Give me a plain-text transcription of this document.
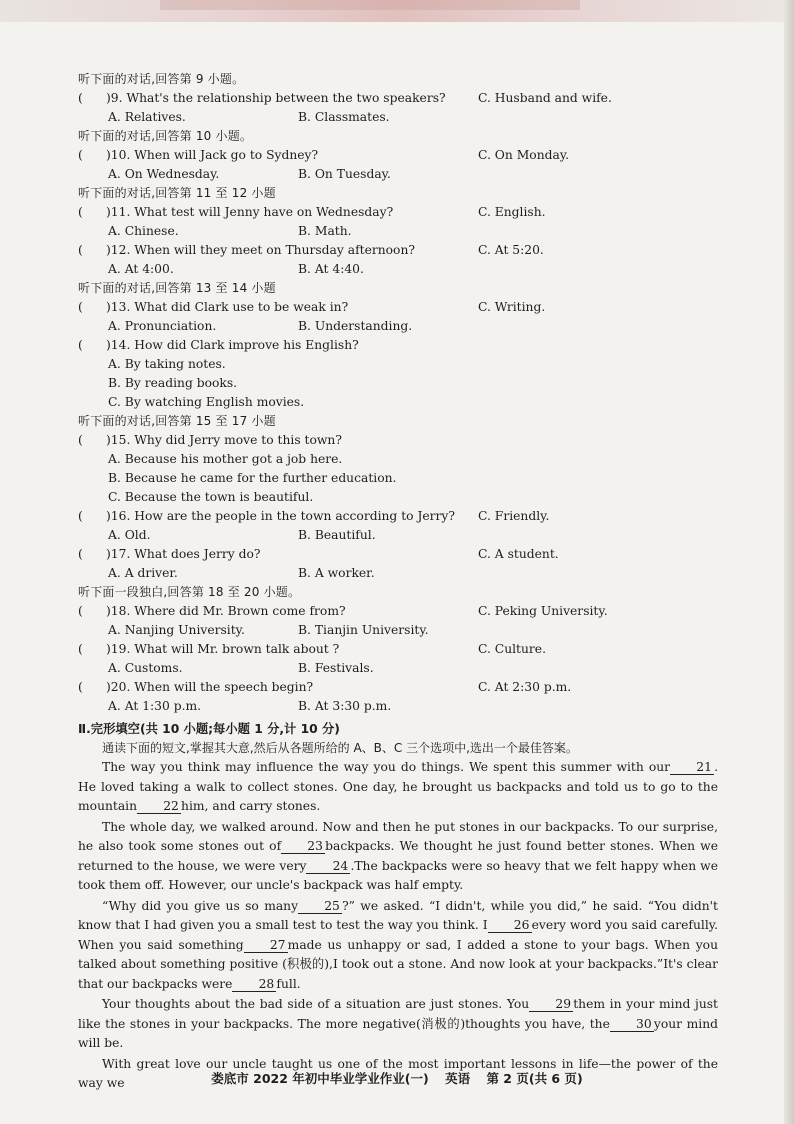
听下面的对话,回答第 9 小题。

( )9. What's the relationship between the two speakers?	C. Husband and wife.
A. Relatives.	B. Classmates.

听下面的对话,回答第 10 小题。

( )10. When will Jack go to Sydney?	C. On Monday.
A. On Wednesday.	B. On Tuesday.

听下面的对话,回答第 11 至 12 小题

( )11. What test will Jenny have on Wednesday?	C. English.
A. Chinese.	B. Math.
( )12. When will they meet on Thursday afternoon?	C. At 5:20.
A. At 4:00.	B. At 4:40.

听下面的对话,回答第 13 至 14 小题

( )13. What did Clark use to be weak in?	C. Writing.
A. Pronunciation.	B. Understanding.
( )14. How did Clark improve his English?

A. By taking notes.

B. By reading books.

C. By watching English movies.

听下面的对话,回答第 15 至 17 小题

( )15. Why did Jerry move to this town?

A. Because his mother got a job here.

B. Because he came for the further education.

C. Because the town is beautiful.

( )16. How are the people in the town according to Jerry?	C. Friendly.
A. Old.	B. Beautiful.
( )17. What does Jerry do?	C. A student.
A. A driver.	B. A worker.

听下面一段独白,回答第 18 至 20 小题。

( )18. Where did Mr. Brown come from?	C. Peking University.
A. Nanjing University.	B. Tianjin University.
( )19. What will Mr. brown talk about ?	C. Culture.
A. Customs.	B. Festivals.
( )20. When will the speech begin?	C. At 2:30 p.m.
A. At 1:30 p.m.	B. At 3:30 p.m.
Ⅱ.完形填空(共 10 小题;每小题 1 分,计 10 分)
通读下面的短文,掌握其大意,然后从各题所给的 A、B、C 三个选项中,选出一个最佳答案。

The way you think may influence the way you do things. We spent this summer with our 21 . He loved taking a walk to collect stones. One day, he brought us backpacks and told us to go to the mountain 22 him, and carry stones.

The whole day, we walked around. Now and then he put stones in our backpacks. To our surprise, he also took some stones out of 23 backpacks. We thought he just found better stones. When we returned to the house, we were very 24 .The backpacks were so heavy that we felt happy when we took them off. However, our uncle's backpack was half empty.

“Why did you give us so many 25 ?” we asked. “I didn't, while you did,” he said. “You didn't know that I had given you a small test to test the way you think. I 26 every word you said carefully. When you said something 27 made us unhappy or sad, I added a stone to your bags. When you talked about something positive (积极的),I took out a stone. And now look at your backpacks.”It's clear that our backpacks were 28 full.

Your thoughts about the bad side of a situation are just stones. You 29 them in your mind just like the stones in your backpacks. The more negative(消极的)thoughts you have, the 30 your mind will be.

With great love our uncle taught us one of the most important lessons in life—the power of the way we	娄底市 2022 年初中毕业学业作业(一) 英语 第 2 页(共 6 页)
